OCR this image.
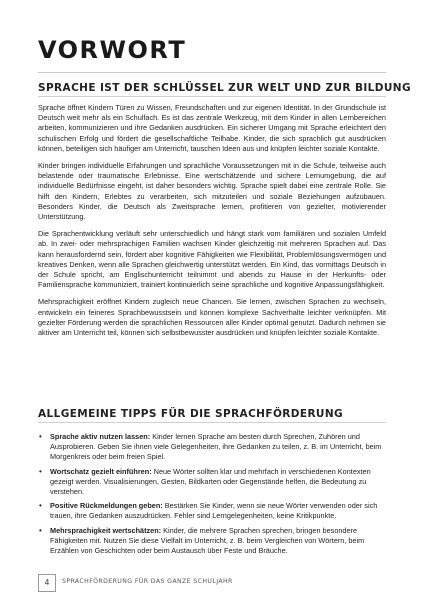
VORWORT
SPRACHE IST DER SCHLÜSSEL ZUR WELT UND ZUR BILDUNG

Sprache öffnet Kindern Türen zu Wissen, Freundschaften und zur eigenen Identität. In der Grundschule ist Deutsch weit mehr als ein Schulfach. Es ist das zentrale Werkzeug, mit dem Kinder in allen Lernbereichen arbeiten, kommunizieren und ihre Gedanken ausdrücken. Ein sicherer Umgang mit Sprache erleichtert den schulischen Erfolg und fördert die gesellschaftliche Teilhabe. Kinder, die sich sprachlich gut ausdrücken können, beteiligen sich häufiger am Unterricht, tauschen Ideen aus und knüpfen leichter soziale Kontakte.

Kinder bringen individuelle Erfahrungen und sprachliche Voraussetzungen mit in die Schule, teilweise auch belastende oder traumatische Erlebnisse. Eine wertschätzende und sichere Lernumgebung, die auf individuelle Bedürfnisse eingeht, ist daher besonders wichtig. Sprache spielt dabei eine zentrale Rolle. Sie hilft den Kindern, Erlebtes zu verarbeiten, sich mitzuteilen und soziale Beziehungen aufzubauen. Besonders Kinder, die Deutsch als Zweitsprache lernen, profitieren von gezielter, motivierender Unterstützung.

Die Sprachentwicklung verläuft sehr unterschiedlich und hängt stark vom familiären und sozialen Umfeld ab. In zwei- oder mehrsprachigen Familien wachsen Kinder gleichzeitig mit mehreren Sprachen auf. Das kann herausfordernd sein, fördert aber kognitive Fähigkeiten wie Flexibilität, Problemlösungsvermögen und kreatives Denken, wenn alle Sprachen gleichwertig unterstützt werden. Ein Kind, das vormittags Deutsch in der Schule spricht, am Englischunterricht teilnimmt und abends zu Hause in der Herkunfts- oder Familiensprache kommuniziert, trainiert kontinuierlich seine sprachliche und kognitive Anpassungsfähigkeit.

Mehrsprachigkeit eröffnet Kindern zugleich neue Chancen. Sie lernen, zwischen Sprachen zu wechseln, entwickeln ein feineres Sprachbewusstsein und können komplexe Sachverhalte leichter verknüpfen. Mit gezielter Förderung werden die sprachlichen Ressourcen aller Kinder optimal genutzt. Dadurch nehmen sie aktiver am Unterricht teil, können sich selbstbewusster ausdrücken und knüpfen leichter soziale Kontakte.

ALLGEMEINE TIPPS FÜR DIE SPRACHFÖRDERUNG
• Sprache aktiv nutzen lassen: Kinder lernen Sprache am besten durch Sprechen, Zuhören und Ausprobieren. Geben Sie ihnen viele Gelegenheiten, ihre Gedanken zu teilen, z. B. im Unterricht, beim Morgenkreis oder beim freien Spiel.
• Wortschatz gezielt einführen: Neue Wörter sollten klar und mehrfach in verschiedenen Kontexten gezeigt werden. Visualisierungen, Gesten, Bildkarten oder Gegenstände helfen, die Bedeutung zu verstehen.
• Positive Rückmeldungen geben: Bestärken Sie Kinder, wenn sie neue Wörter verwenden oder sich trauen, ihre Gedanken auszudrücken. Fehler sind Lerngelegenheiten, keine Kritikpunkte.
• Mehrsprachigkeit wertschätzen: Kinder, die mehrere Sprachen sprechen, bringen besondere Fähigkeiten mit. Nutzen Sie diese Vielfalt im Unterricht, z. B. beim Vergleichen von Wörtern, beim Erzählen von Geschichten oder beim Austausch über Feste und Bräuche.
4	SPRACHFÖRDERUNG FÜR DAS GANZE SCHULJAHR
